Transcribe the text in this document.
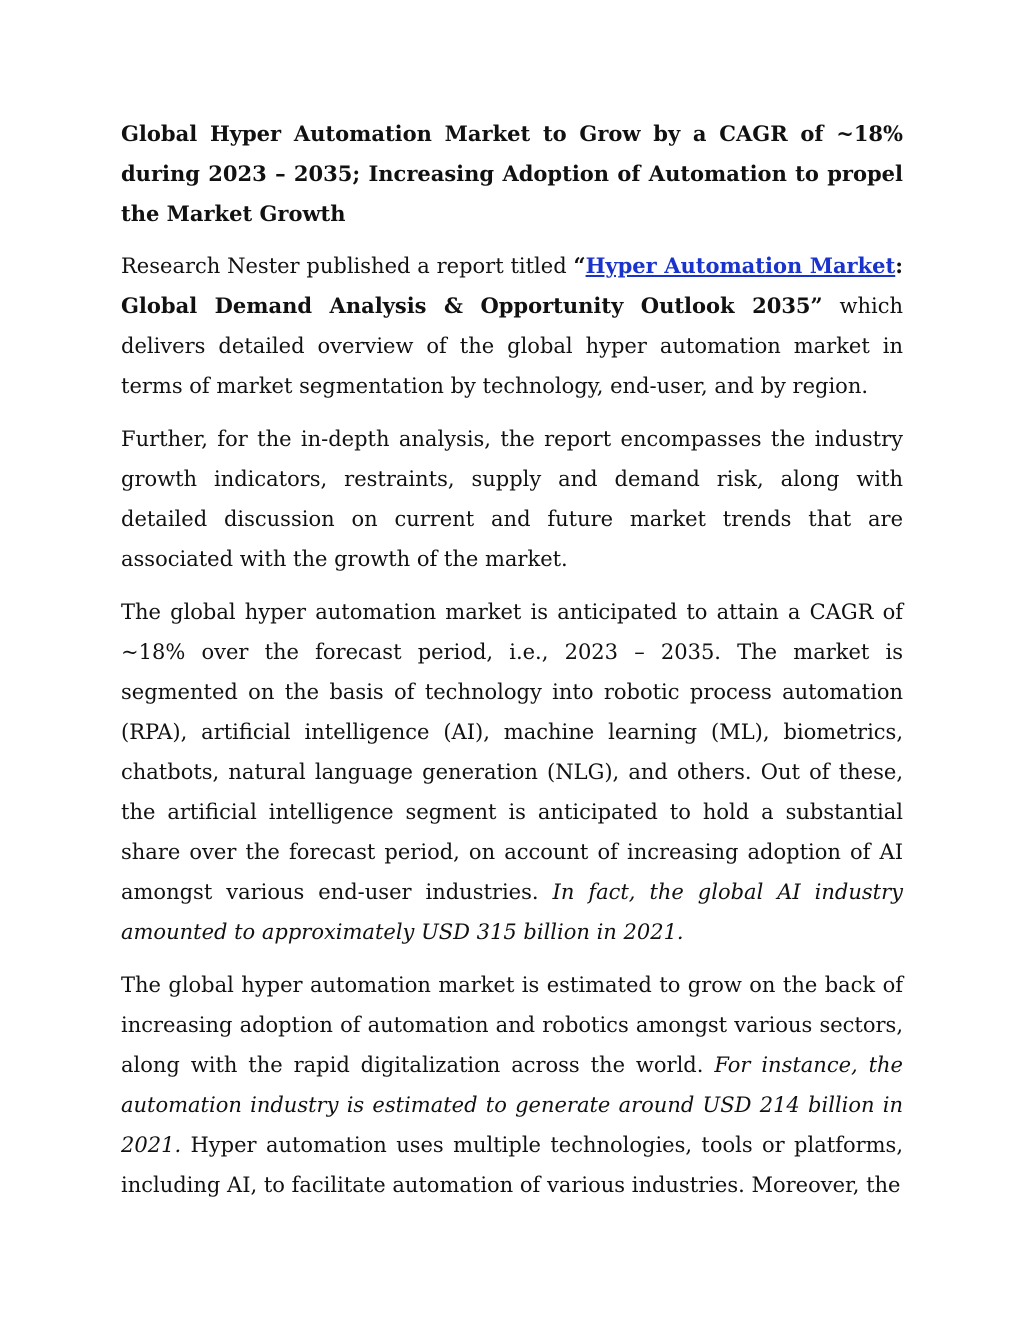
Global Hyper Automation Market to Grow by a CAGR of ~18% during 2023 – 2035; Increasing Adoption of Automation to propel the Market Growth

Research Nester published a report titled “Hyper Automation Market: Global Demand Analysis & Opportunity Outlook 2035” which delivers detailed overview of the global hyper automation market in terms of market segmentation by technology, end-user, and by region.

Further, for the in-depth analysis, the report encompasses the industry growth indicators, restraints, supply and demand risk, along with detailed discussion on current and future market trends that are associated with the growth of the market.

The global hyper automation market is anticipated to attain a CAGR of ~18% over the forecast period, i.e., 2023 – 2035. The market is segmented on the basis of technology into robotic process automation (RPA), artificial intelligence (AI), machine learning (ML), biometrics, chatbots, natural language generation (NLG), and others. Out of these, the artificial intelligence segment is anticipated to hold a substantial share over the forecast period, on account of increasing adoption of AI amongst various end-user industries. In fact, the global AI industry amounted to approximately USD 315 billion in 2021.

The global hyper automation market is estimated to grow on the back of increasing adoption of automation and robotics amongst various sectors, along with the rapid digitalization across the world. For instance, the automation industry is estimated to generate around USD 214 billion in 2021. Hyper automation uses multiple technologies, tools or platforms, including AI, to facilitate automation of various industries. Moreover, the
